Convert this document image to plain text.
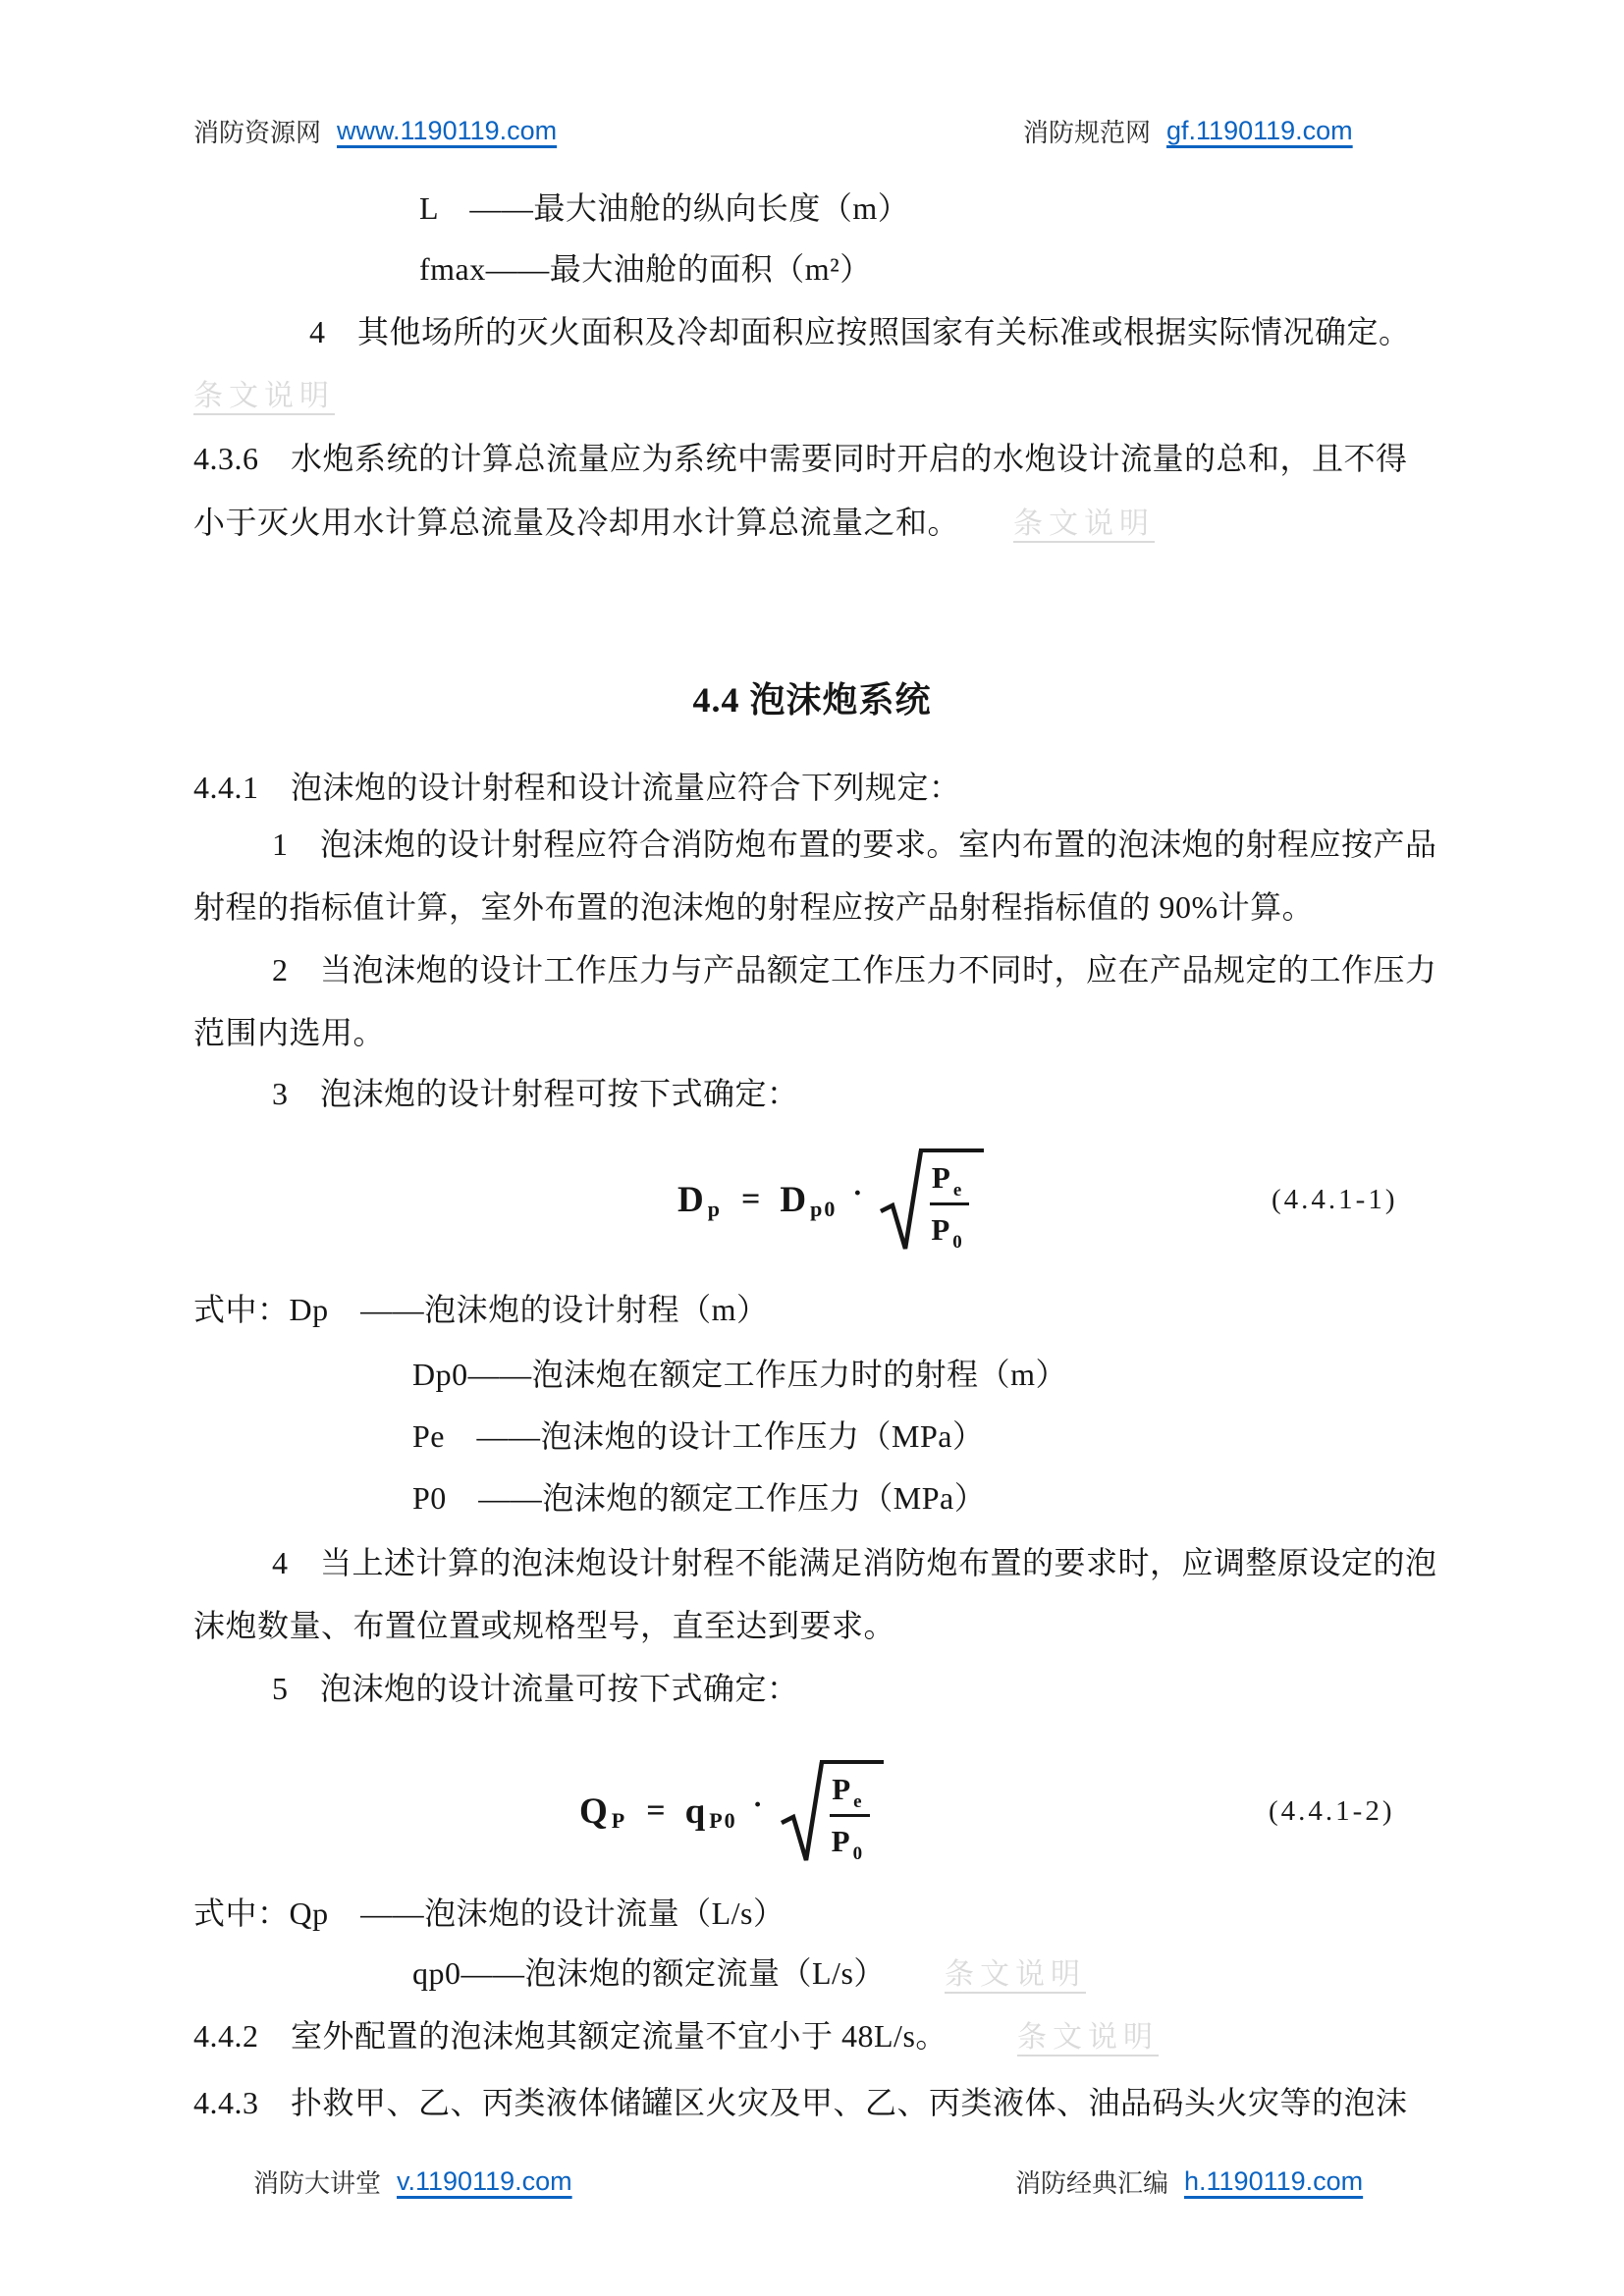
消防资源网 www.1190119.com	消防规范网 gf.1190119.com
L　——最大油舱的纵向长度（m）
fmax——最大油舱的面积（m²）
4　其他场所的灭火面积及冷却面积应按照国家有关标准或根据实际情况确定。
条文说明
4.3.6　水炮系统的计算总流量应为系统中需要同时开启的水炮设计流量的总和，且不得
小于灭火用水计算总流量及冷却用水计算总流量之和。 条文说明
4.4 泡沫炮系统
4.4.1　泡沫炮的设计射程和设计流量应符合下列规定：
1　泡沫炮的设计射程应符合消防炮布置的要求。室内布置的泡沫炮的射程应按产品
射程的指标值计算，室外布置的泡沫炮的射程应按产品射程指标值的 90%计算。
2　当泡沫炮的设计工作压力与产品额定工作压力不同时，应在产品规定的工作压力
范围内选用。
3　泡沫炮的设计射程可按下式确定：
D p = D p0 · P e
P 0
(4.4.1-1)
式中：Dp　——泡沫炮的设计射程（m）
Dp0——泡沫炮在额定工作压力时的射程（m）
Pe　——泡沫炮的设计工作压力（MPa）
P0　——泡沫炮的额定工作压力（MPa）
4　当上述计算的泡沫炮设计射程不能满足消防炮布置的要求时，应调整原设定的泡
沫炮数量、布置位置或规格型号，直至达到要求。
5　泡沫炮的设计流量可按下式确定：
Q P = q P0 · P e
P 0
(4.4.1-2)
式中：Qp　——泡沫炮的设计流量（L/s）
qp0——泡沫炮的额定流量（L/s） 条文说明
4.4.2　室外配置的泡沫炮其额定流量不宜小于 48L/s。 条文说明
4.4.3　扑救甲、乙、丙类液体储罐区火灾及甲、乙、丙类液体、油品码头火灾等的泡沫
消防大讲堂 v.1190119.com	消防经典汇编 h.1190119.com
